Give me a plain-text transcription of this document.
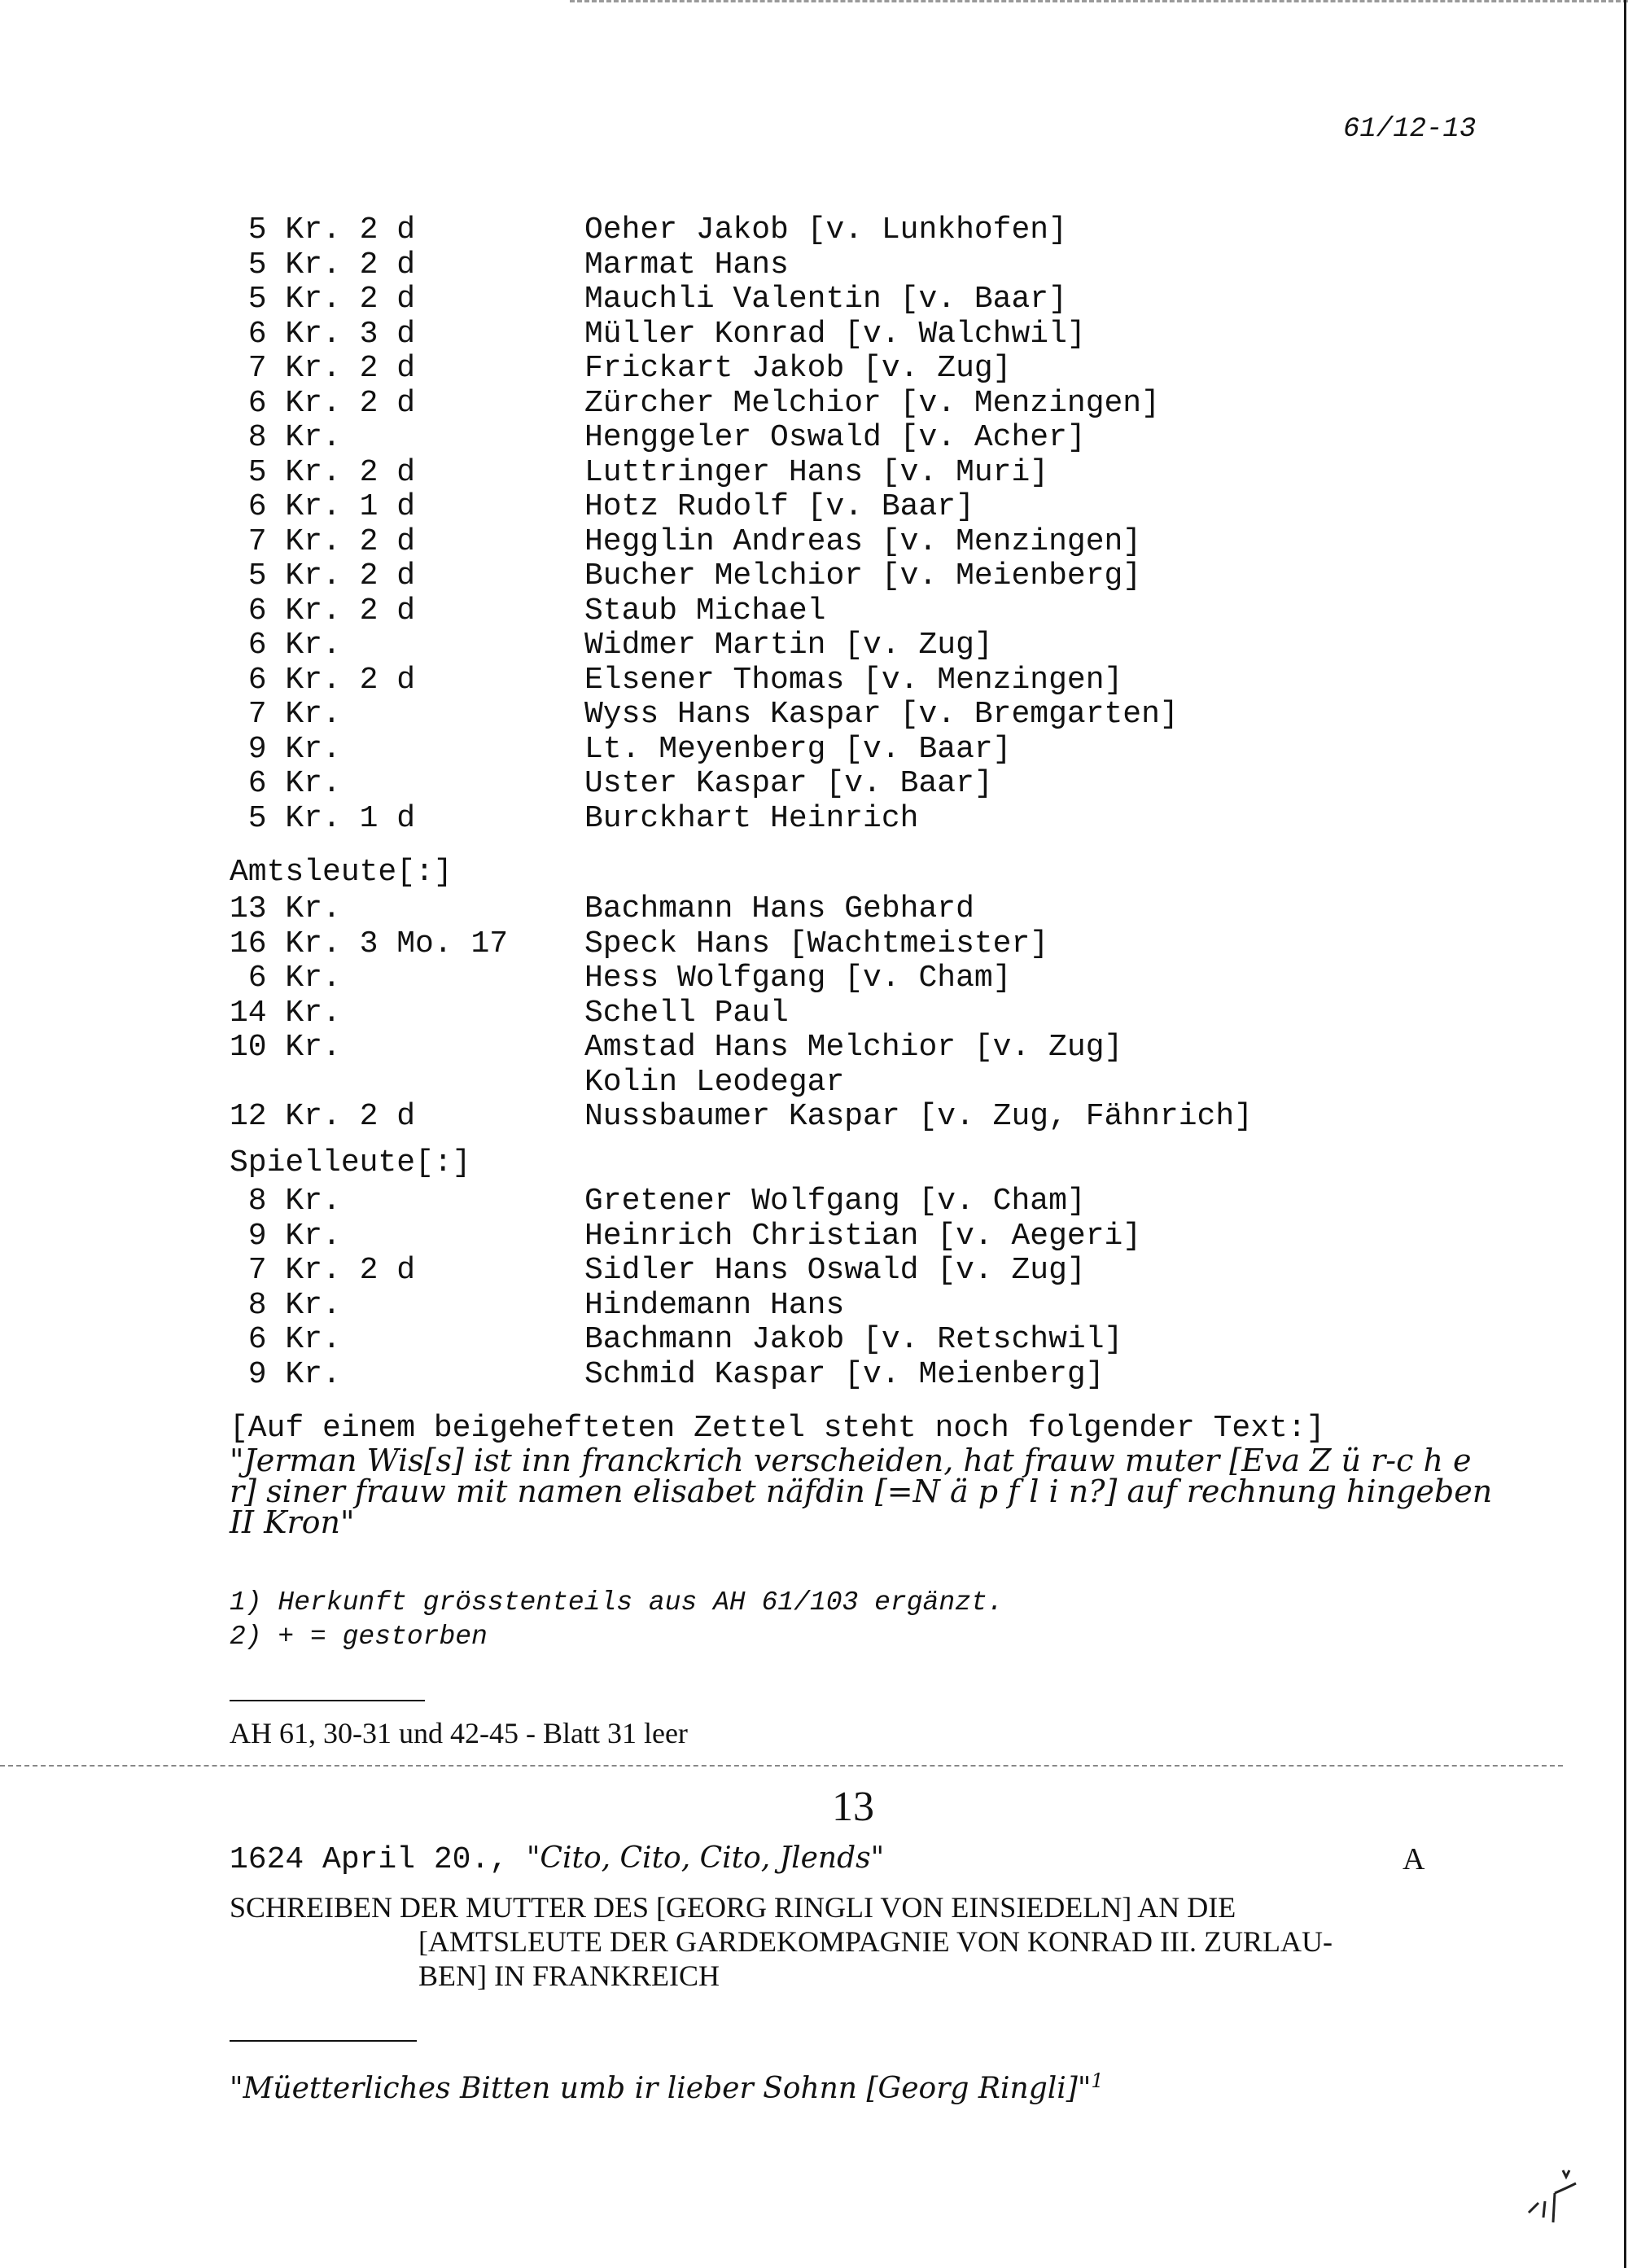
61/12-13
5 Kr. 2 d	Oeher Jakob [v. Lunkhofen]
5 Kr. 2 d	Marmat Hans
5 Kr. 2 d	Mauchli Valentin [v. Baar]
6 Kr. 3 d	Müller Konrad [v. Walchwil]
7 Kr. 2 d	Frickart Jakob [v. Zug]
6 Kr. 2 d	Zürcher Melchior [v. Menzingen]
8 Kr.	Henggeler Oswald [v. Acher]
5 Kr. 2 d	Luttringer Hans [v. Muri]
6 Kr. 1 d	Hotz Rudolf [v. Baar]
7 Kr. 2 d	Hegglin Andreas [v. Menzingen]
5 Kr. 2 d	Bucher Melchior [v. Meienberg]
6 Kr. 2 d	Staub Michael
6 Kr.	Widmer Martin [v. Zug]
6 Kr. 2 d	Elsener Thomas [v. Menzingen]
7 Kr.	Wyss Hans Kaspar [v. Bremgarten]
9 Kr.	Lt. Meyenberg [v. Baar]
6 Kr.	Uster Kaspar [v. Baar]
5 Kr. 1 d	Burckhart Heinrich
Amtsleute[:]
13 Kr.	Bachmann Hans Gebhard
16 Kr. 3 Mo. 17 Speck Hans [Wachtmeister]
6 Kr.	Hess Wolfgang [v. Cham]
14 Kr.	Schell Paul
10 Kr.	Amstad Hans Melchior [v. Zug]
Kolin Leodegar
12 Kr. 2 d	Nussbaumer Kaspar [v. Zug, Fähnrich]
Spielleute[:]
8 Kr.	Gretener Wolfgang [v. Cham]
9 Kr.	Heinrich Christian [v. Aegeri]
7 Kr. 2 d	Sidler Hans Oswald [v. Zug]
8 Kr.	Hindemann Hans
6 Kr.	Bachmann Jakob [v. Retschwil]
9 Kr.	Schmid Kaspar [v. Meienberg]
[Auf einem beigehefteten Zettel steht noch folgender Text:]
"Jerman Wis[s] ist inn franckrich verscheiden, hat frauw muter [Eva Z ü r-c h e r] siner frauw mit namen elisabet näfdin [=N ä p f l i n?] auf rechnung hingeben II Kron"
1) Herkunft grösstenteils aus AH 61/103 ergänzt.
2) + = gestorben
AH 61, 30-31 und 42-45 - Blatt 31 leer
13
1624 April 20., "Cito, Cito, Cito, Jlends"	A
SCHREIBEN DER MUTTER DES [GEORG RINGLI VON EINSIEDELN] AN DIE
[AMTSLEUTE DER GARDEKOMPAGNIE VON KONRAD III. ZURLAU-
BEN] IN FRANKREICH
"Müetterliches Bitten umb ir lieber Sohnn [Georg Ringli]"$^1$
